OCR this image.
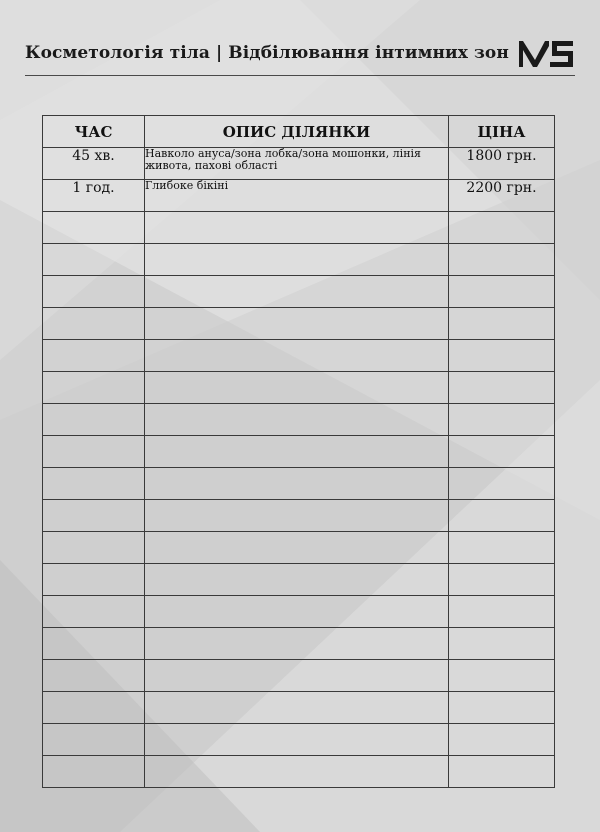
Косметологія тіла | Відбілювання інтимних зон
ЧАС	ОПИС ДІЛЯНКИ	ЦІНА
45 хв.	Навколо ануса/зона лобка/зона мошонки, лінія живота, пахові області	1800 грн.
1 год.	Глибоке бікіні	2200 грн.
